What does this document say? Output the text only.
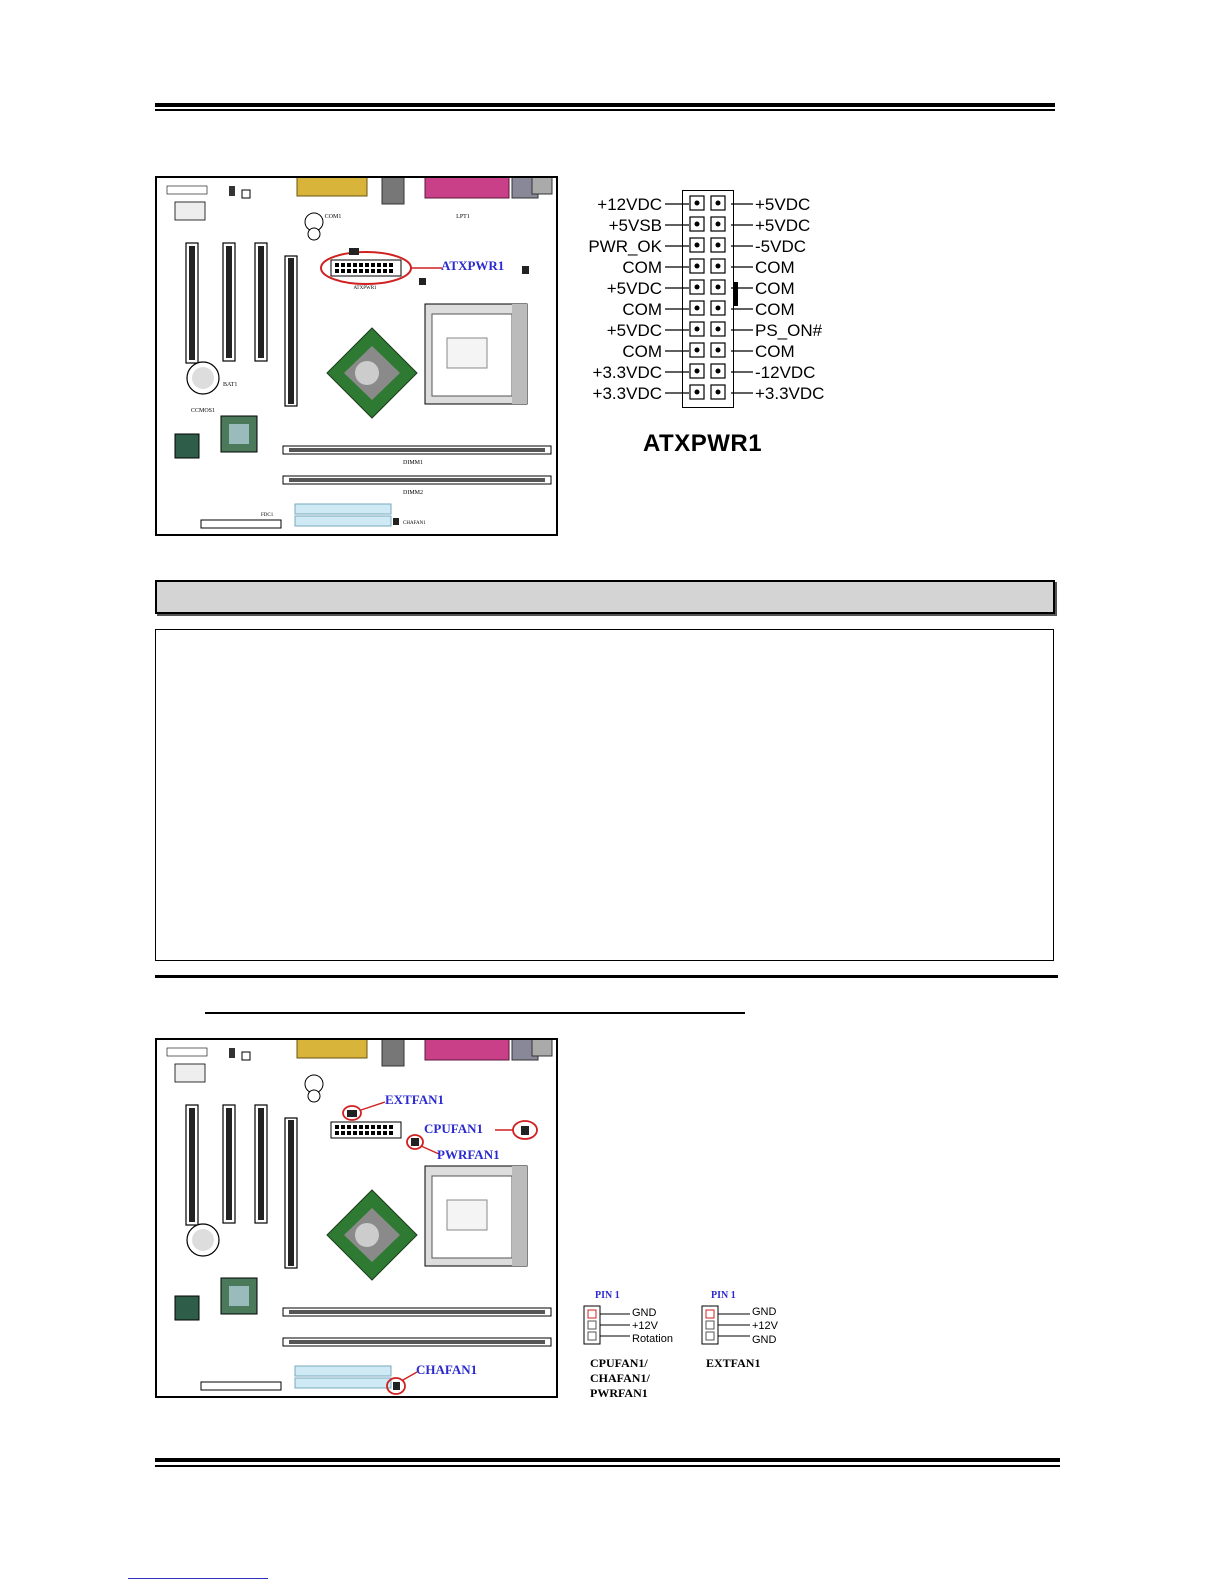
COM1	LPT1
ATXPWR1
BAT1
CCMOS1
DIMM1
DIMM2
FDC1
CHAFAN1
ATXPWR1
+12VDC
+5VSB
PWR_OK
COM
+5VDC
COM
+5VDC
COM
+3.3VDC
+3.3VDC
+5VDC
+5VDC
-5VDC
COM
COM
COM
PS_ON#
COM
-12VDC
+3.3VDC
ATXPWR1
EXTFAN1
CPUFAN1
PWRFAN1
CHAFAN1
PIN 1
GND
+12V
Rotation
CPUFAN1/
CHAFAN1/
PWRFAN1
PIN 1
GND
+12V
GND
EXTFAN1
